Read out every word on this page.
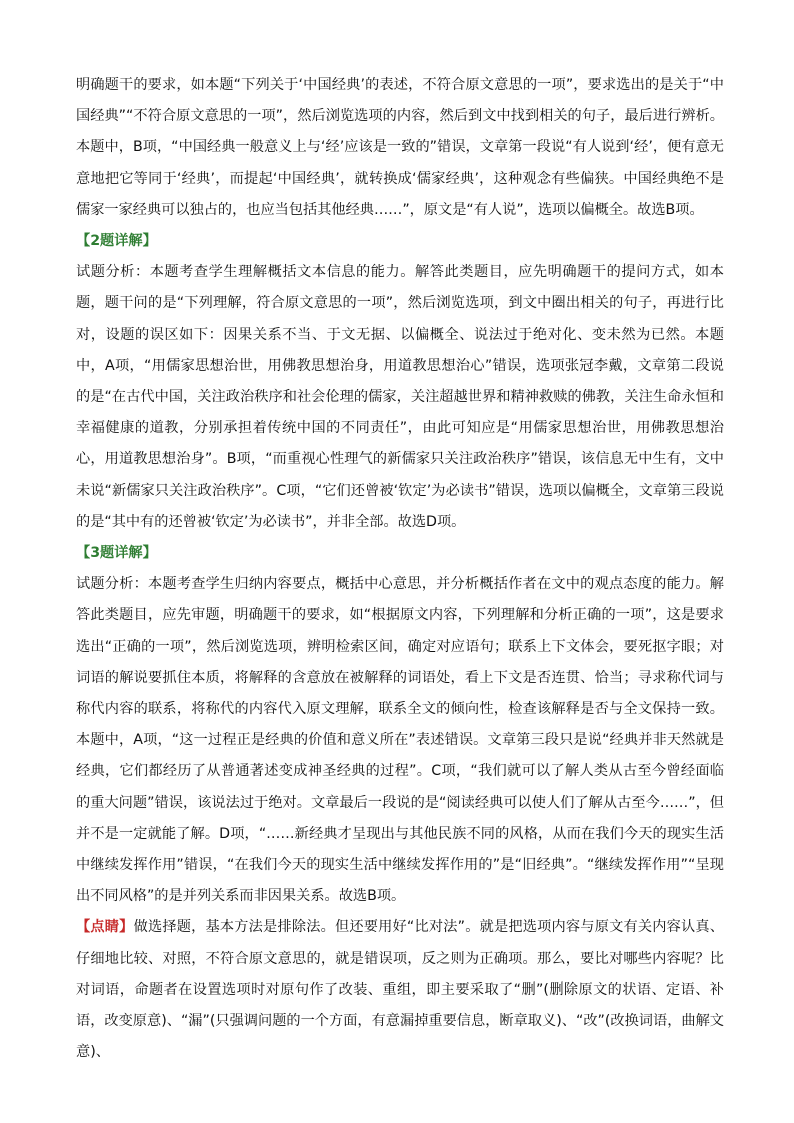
明确题干的要求，如本题“下列关于‘中国经典’的表述，不符合原文意思的一项”，要求选出的是关于“中国经典”“不符合原文意思的一项”，然后浏览选项的内容，然后到文中找到相关的句子，最后进行辨析。本题中，B项，“中国经典一般意义上与‘经’应该是一致的”错误，文章第一段说“有人说到‘经’，便有意无意地把它等同于‘经典’，而提起‘中国经典’，就转换成‘儒家经典’，这种观念有些偏狭。中国经典绝不是儒家一家经典可以独占的，也应当包括其他经典……”，原文是“有人说”，选项以偏概全。故选B项。

【2题详解】

试题分析：本题考查学生理解概括文本信息的能力。解答此类题目，应先明确题干的提问方式，如本题，题干问的是“下列理解，符合原文意思的一项”，然后浏览选项，到文中圈出相关的句子，再进行比对，设题的误区如下：因果关系不当、于文无据、以偏概全、说法过于绝对化、变未然为已然。本题中，A项，“用儒家思想治世，用佛教思想治身，用道教思想治心”错误，选项张冠李戴，文章第二段说的是“在古代中国，关注政治秩序和社会伦理的儒家，关注超越世界和精神救赎的佛教，关注生命永恒和幸福健康的道教，分别承担着传统中国的不同责任”，由此可知应是“用儒家思想治世，用佛教思想治心，用道教思想治身”。B项，“而重视心性理气的新儒家只关注政治秩序”错误，该信息无中生有，文中未说“新儒家只关注政治秩序”。C项，“它们还曾被‘钦定’为必读书”错误，选项以偏概全，文章第三段说的是“其中有的还曾被‘钦定’为必读书”，并非全部。故选D项。

【3题详解】

试题分析：本题考查学生归纳内容要点，概括中心意思，并分析概括作者在文中的观点态度的能力。解答此类题目，应先审题，明确题干的要求，如“根据原文内容，下列理解和分析正确的一项”，这是要求选出“正确的一项”，然后浏览选项，辨明检索区间，确定对应语句；联系上下文体会，要死抠字眼；对词语的解说要抓住本质，将解释的含意放在被解释的词语处，看上下文是否连贯、恰当；寻求称代词与称代内容的联系，将称代的内容代入原文理解，联系全文的倾向性，检查该解释是否与全文保持一致。本题中，A项，“这一过程正是经典的价值和意义所在”表述错误。文章第三段只是说“经典并非天然就是经典，它们都经历了从普通著述变成神圣经典的过程”。C项，“我们就可以了解人类从古至今曾经面临的重大问题”错误，该说法过于绝对。文章最后一段说的是“阅读经典可以使人们了解从古至今……”，但并不是一定就能了解。D项，“……新经典才呈现出与其他民族不同的风格，从而在我们今天的现实生活中继续发挥作用”错误，“在我们今天的现实生活中继续发挥作用的”是“旧经典”。“继续发挥作用”“呈现出不同风格”的是并列关系而非因果关系。故选B项。

【点睛】做选择题，基本方法是排除法。但还要用好“比对法”。就是把选项内容与原文有关内容认真、仔细地比较、对照，不符合原文意思的，就是错误项，反之则为正确项。那么，要比对哪些内容呢？比对词语，命题者在设置选项时对原句作了改装、重组，即主要采取了“删”(删除原文的状语、定语、补语，改变原意)、“漏”(只强调问题的一个方面，有意漏掉重要信息，断章取义)、“改”(改换词语，曲解文意)、
